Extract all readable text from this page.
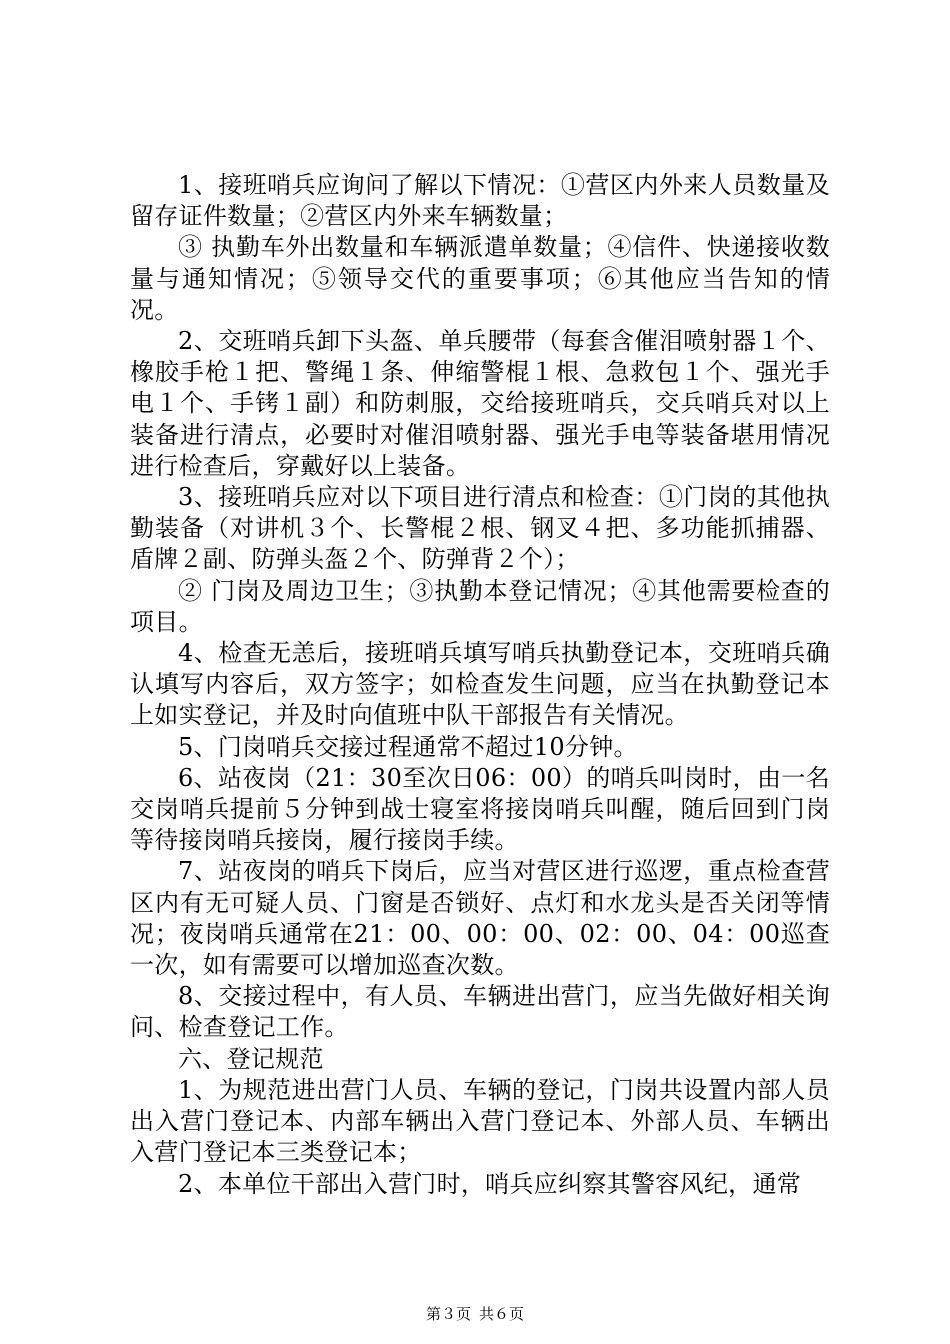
1、接班哨兵应询问了解以下情况：①营区内外来人员数量及留存证件数量；②营区内外来车辆数量；

③ 执勤车外出数量和车辆派遣单数量；④信件、快递接收数量与通知情况；⑤领导交代的重要事项；⑥其他应当告知的情况。

2、交班哨兵卸下头盔、单兵腰带（每套含催泪喷射器１个、橡胶手枪１把、警绳１条、伸缩警棍１根、急救包１个、强光手电１个、手铐１副）和防刺服，交给接班哨兵，交兵哨兵对以上装备进行清点，必要时对催泪喷射器、强光手电等装备堪用情况进行检查后，穿戴好以上装备。

3、接班哨兵应对以下项目进行清点和检查：①门岗的其他执勤装备（对讲机３个、长警棍２根、钢叉４把、多功能抓捕器、盾牌２副、防弹头盔２个、防弹背２个）；

② 门岗及周边卫生；③执勤本登记情况；④其他需要检查的项目。

4、检查无恙后，接班哨兵填写哨兵执勤登记本，交班哨兵确认填写内容后，双方签字；如检查发生问题，应当在执勤登记本上如实登记，并及时向值班中队干部报告有关情况。

5、门岗哨兵交接过程通常不超过10分钟。

6、站夜岗（21：30至次日06：00）的哨兵叫岗时，由一名交岗哨兵提前５分钟到战士寝室将接岗哨兵叫醒，随后回到门岗等待接岗哨兵接岗，履行接岗手续。

7、站夜岗的哨兵下岗后，应当对营区进行巡逻，重点检查营区内有无可疑人员、门窗是否锁好、点灯和水龙头是否关闭等情况；夜岗哨兵通常在21：00、00：00、02：00、04：00巡查一次，如有需要可以增加巡查次数。

8、交接过程中，有人员、车辆进出营门，应当先做好相关询问、检查登记工作。

六、登记规范

1、为规范进出营门人员、车辆的登记，门岗共设置内部人员出入营门登记本、内部车辆出入营门登记本、外部人员、车辆出入营门登记本三类登记本；

2、本单位干部出入营门时，哨兵应纠察其警容风纪，通常

第３页 共６页
